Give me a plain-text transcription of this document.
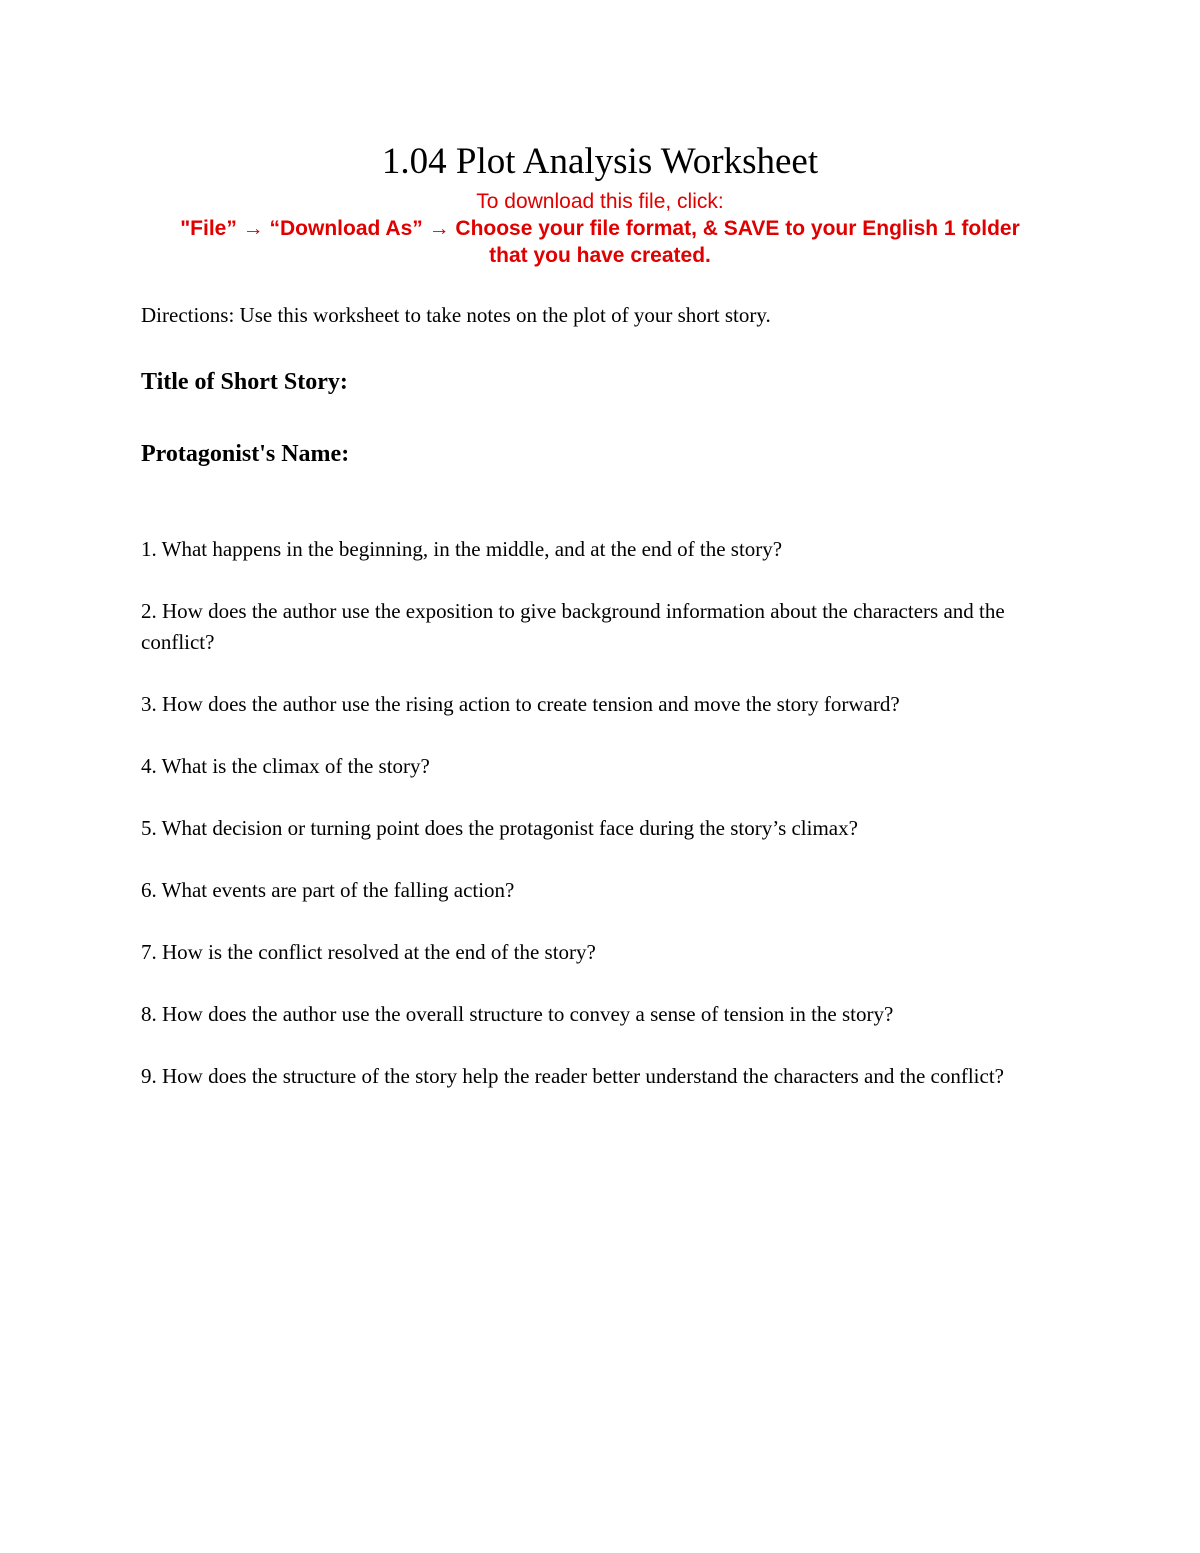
1.04 Plot Analysis Worksheet
To download this file, click:
"File” → “Download As” → Choose your file format, & SAVE to your English 1 folder that you have created.

Directions: Use this worksheet to take notes on the plot of your short story.

Title of Short Story:

Protagonist's Name:

1. What happens in the beginning, in the middle, and at the end of the story?
2. How does the author use the exposition to give background information about the characters and the conflict?
3. How does the author use the rising action to create tension and move the story forward?
4. What is the climax of the story?
5. What decision or turning point does the protagonist face during the story’s climax?
6. What events are part of the falling action?
7. How is the conflict resolved at the end of the story?
8. How does the author use the overall structure to convey a sense of tension in the story?
9. How does the structure of the story help the reader better understand the characters and the conflict?
